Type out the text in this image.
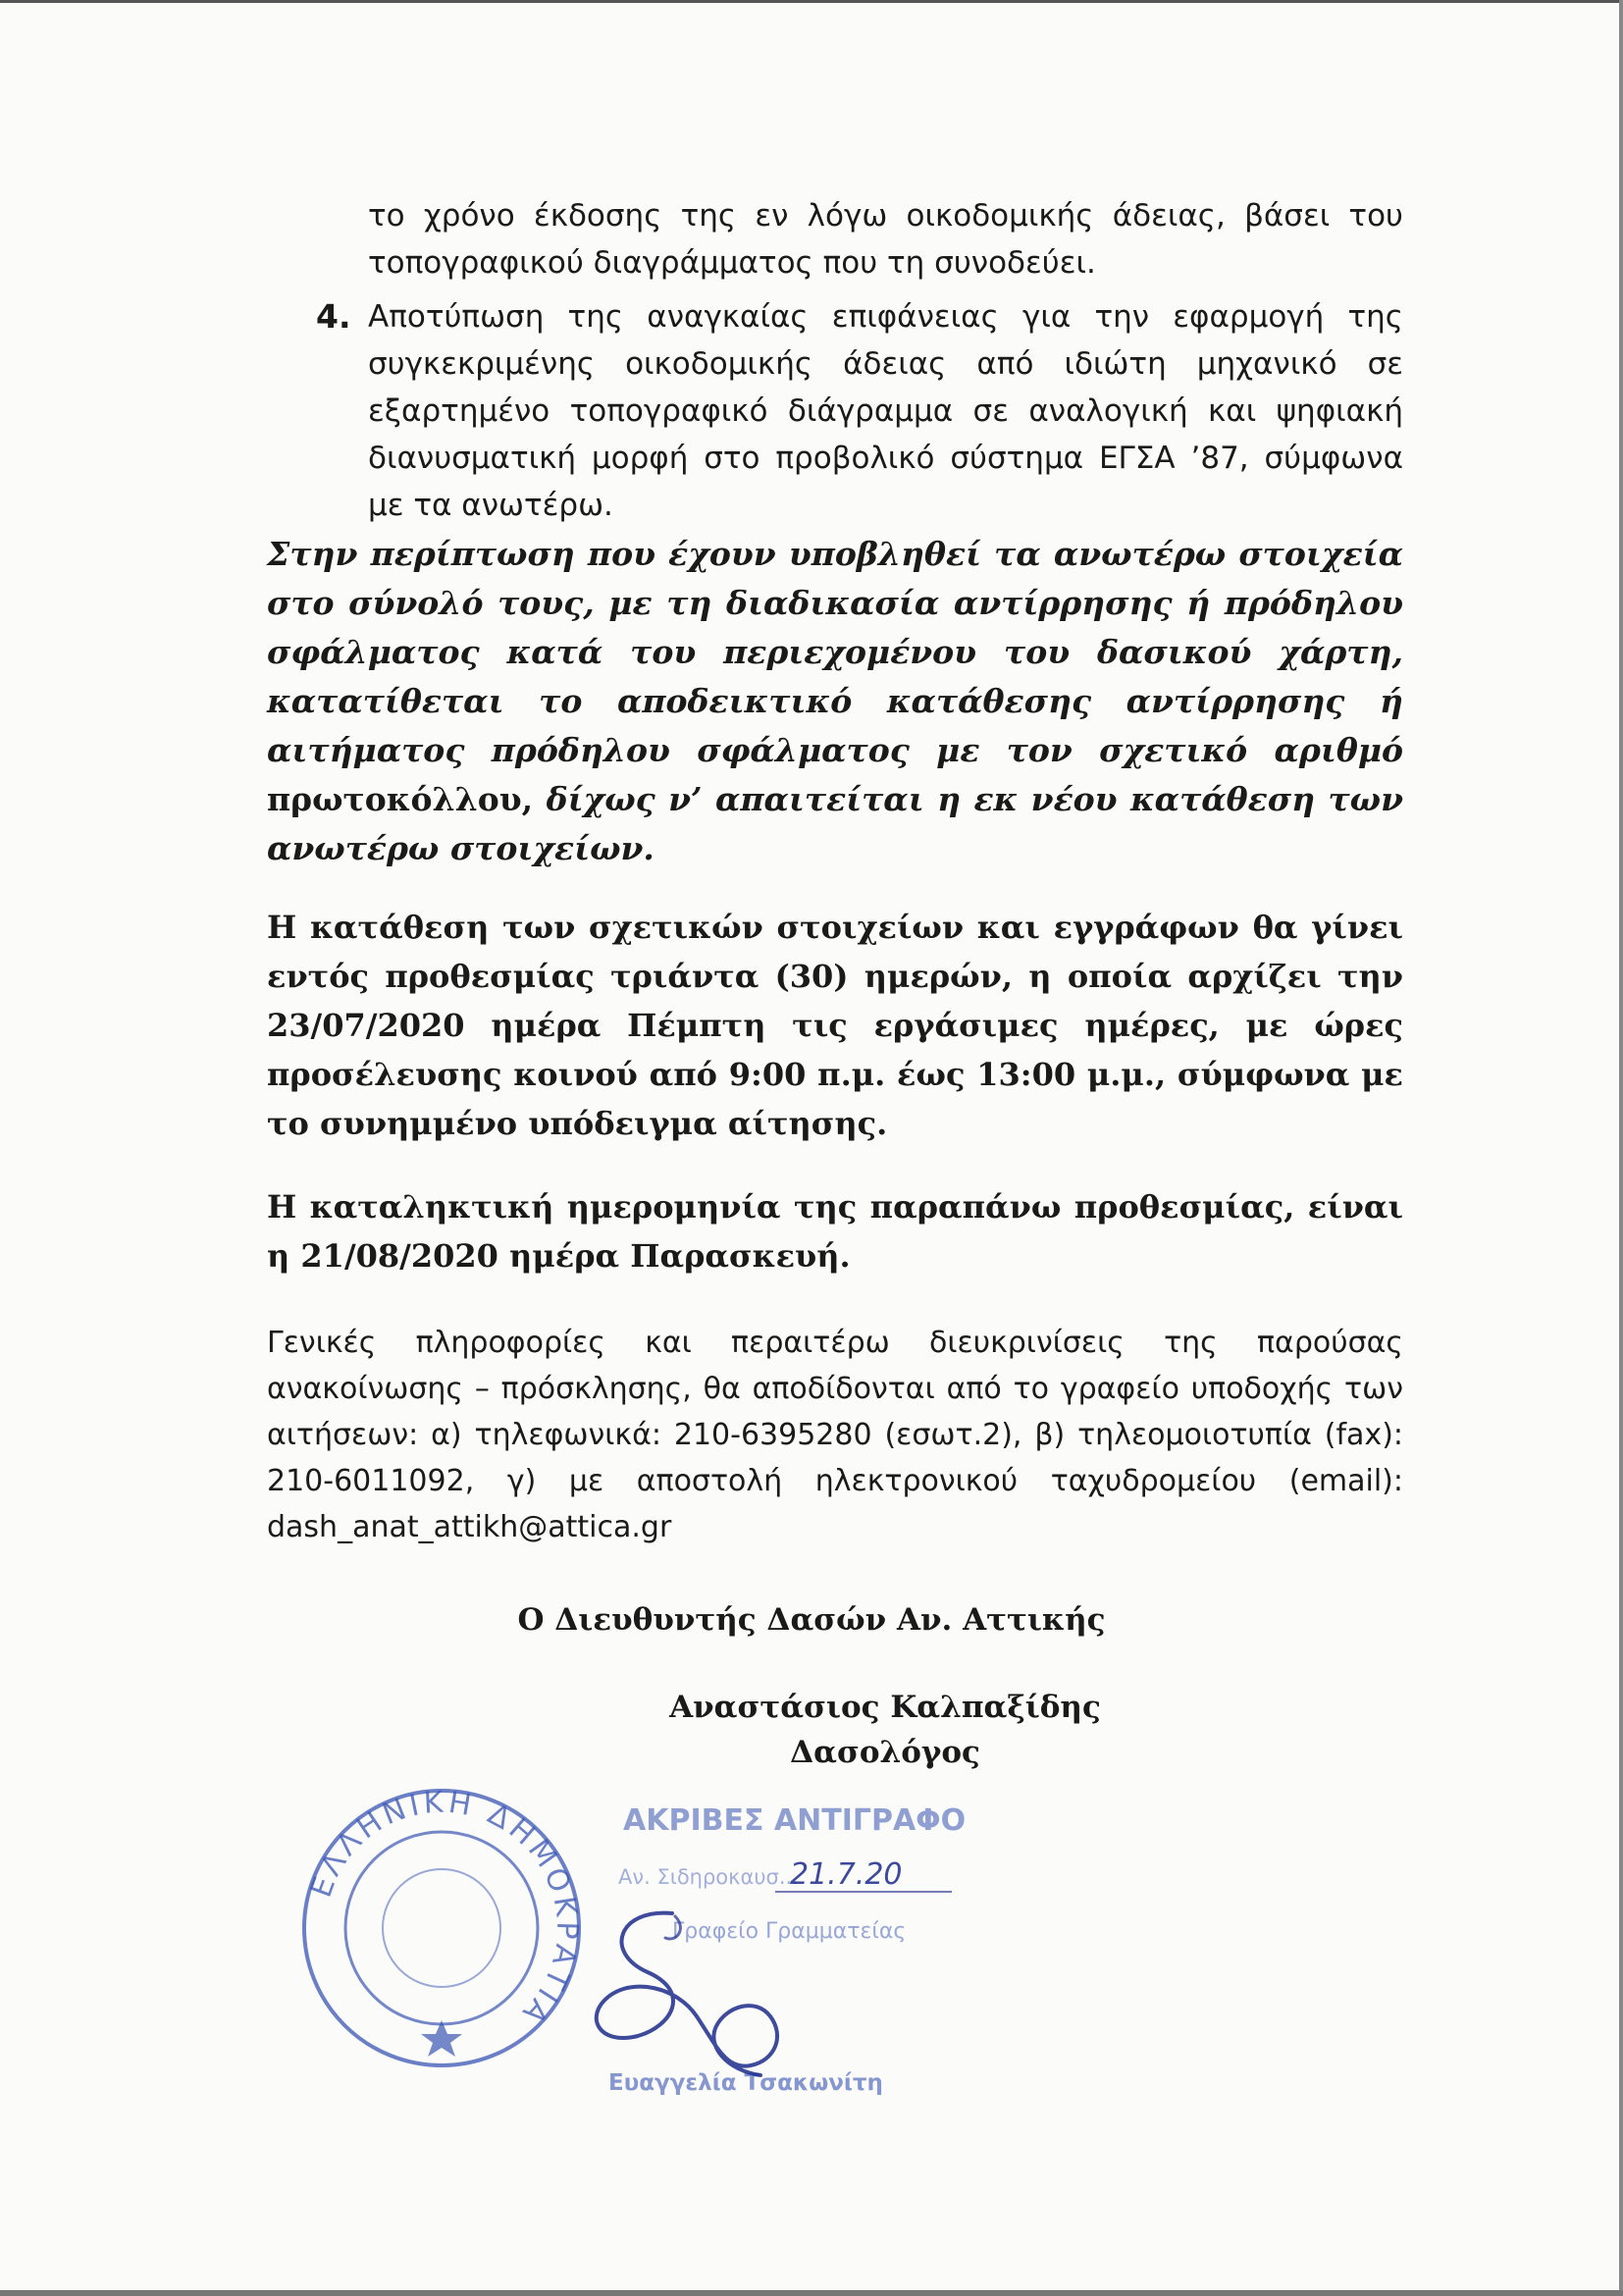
το χρόνο έκδοσης της εν λόγω οικοδομικής άδειας, βάσει του τοπογραφικού διαγράμματος που τη συνοδεύει.

4. Αποτύπωση της αναγκαίας επιφάνειας για την εφαρμογή της συγκεκριμένης οικοδομικής άδειας από ιδιώτη μηχανικό σε εξαρτημένο τοπογραφικό διάγραμμα σε αναλογική και ψηφιακή διανυσματική μορφή στο προβολικό σύστημα ΕΓΣΑ ’87, σύμφωνα με τα ανωτέρω.

Στην περίπτωση που έχουν υποβληθεί τα ανωτέρω στοιχεία στο σύνολό τους, με τη διαδικασία αντίρρησης ή πρόδηλου σφάλματος κατά του περιεχομένου του δασικού χάρτη, κατατίθεται το αποδεικτικό κατάθεσης αντίρρησης ή αιτήματος πρόδηλου σφάλματος με τον σχετικό αριθμό πρωτοκόλλου, δίχως ν’ απαιτείται η εκ νέου κατάθεση των ανωτέρω στοιχείων.

Η κατάθεση των σχετικών στοιχείων και εγγράφων θα γίνει εντός προθεσμίας τριάντα (30) ημερών, η οποία αρχίζει την 23/07/2020 ημέρα Πέμπτη τις εργάσιμες ημέρες, με ώρες προσέλευσης κοινού από 9:00 π.μ. έως 13:00 μ.μ., σύμφωνα με το συνημμένο υπόδειγμα αίτησης.

Η καταληκτική ημερομηνία της παραπάνω προθεσμίας, είναι η 21/08/2020 ημέρα Παρασκευή.

Γενικές πληροφορίες και περαιτέρω διευκρινίσεις της παρούσας ανακοίνωσης – πρόσκλησης, θα αποδίδονται από το γραφείο υποδοχής των αιτήσεων: α) τηλεφωνικά: 210-6395280 (εσωτ.2), β) τηλεομοιοτυπία (fax): 210-6011092, γ) με αποστολή ηλεκτρονικού ταχυδρομείου (email): dash_anat_attikh@attica.gr

Ο Διευθυντής Δασών Αν. Αττικής

Αναστάσιος Καλπαξίδης

Δασολόγος

ΕΛΛΗΝΙΚΗ ΔΗΜΟΚΡΑΤΙΑ
ΑΚΡΙΒΕΣ ΑΝΤΙΓΡΑΦΟ
Αν. Σιδηροκαυσ...
21.7.20
Γραφείο Γραμματείας
Ευαγγελία Τσακωνίτη
